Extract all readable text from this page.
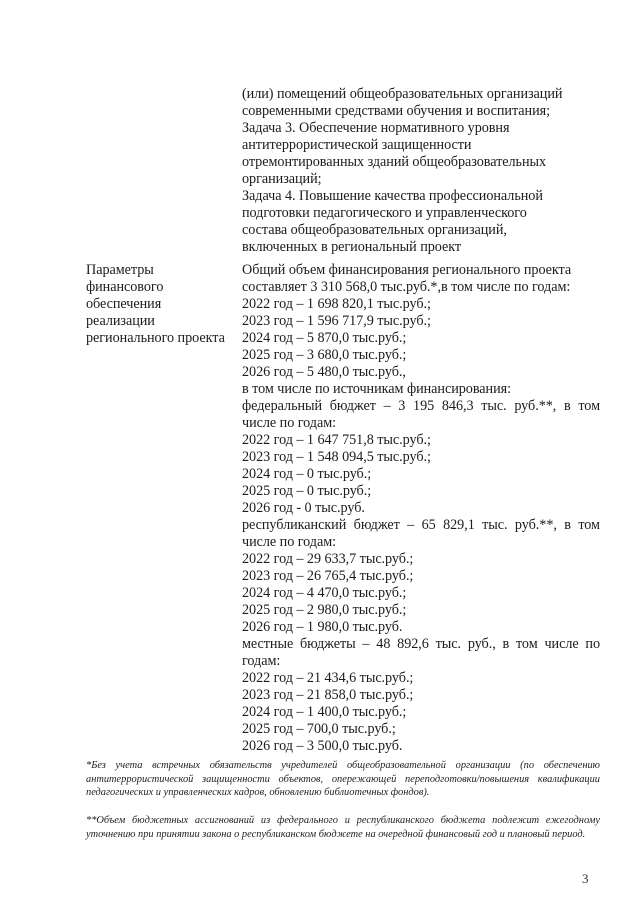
(или) помещений общеобразовательных организаций
современными средствами обучения и воспитания;
Задача 3. Обеспечение нормативного уровня
антитеррористической защищенности
отремонтированных зданий общеобразовательных
организаций;
Задача 4. Повышение качества профессиональной
подготовки педагогического и управленческого
состава общеобразовательных организаций,
включенных в региональный проект
Общий объем финансирования регионального проекта
составляет 3 310 568,0 тыс.руб.*,в том числе по годам:
2022 год – 1 698 820,1 тыс.руб.;
2023 год – 1 596 717,9 тыс.руб.;
2024 год – 5 870,0 тыс.руб.;
2025 год – 3 680,0 тыс.руб.;
2026 год – 5 480,0 тыс.руб.,
в том числе по источникам финансирования:
федеральный бюджет – 3 195 846,3 тыс. руб.**, в том
числе по годам:
2022 год – 1 647 751,8 тыс.руб.;
2023 год – 1 548 094,5 тыс.руб.;
2024 год – 0 тыс.руб.;
2025 год – 0 тыс.руб.;
2026 год - 0 тыс.руб.
республиканский бюджет – 65 829,1 тыс. руб.**, в том
числе по годам:
2022 год – 29 633,7 тыс.руб.;
2023 год – 26 765,4 тыс.руб.;
2024 год – 4 470,0 тыс.руб.;
2025 год – 2 980,0 тыс.руб.;
2026 год – 1 980,0 тыс.руб.
местные бюджеты – 48 892,6 тыс. руб., в том числе по
годам:
2022 год – 21 434,6 тыс.руб.;
2023 год – 21 858,0 тыс.руб.;
2024 год – 1 400,0 тыс.руб.;
2025 год – 700,0 тыс.руб.;
2026 год – 3 500,0 тыс.руб.
Параметры
финансового
обеспечения
реализации
регионального проекта
*Без учета встречных обязательств учредителей общеобразовательной организации (по обеспечению антитеррористической защищенности объектов, опережающей переподготовки/повышения квалификации педагогических и управленческих кадров, обновлению библиотечных фондов).
**Объем бюджетных ассигнований из федерального и республиканского бюджета подлежит ежегодному уточнению при принятии закона о республиканском бюджете на очередной финансовый год и плановый период.
3
